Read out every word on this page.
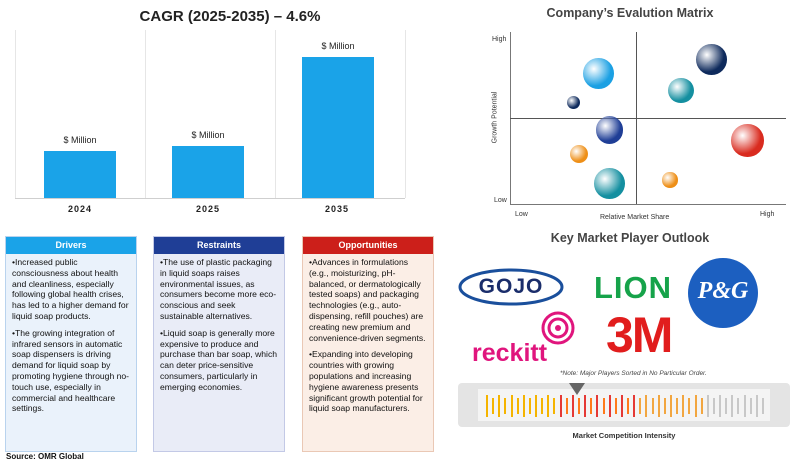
CAGR (2025-2035) – 4.6%
$ Million	$ Million
$ Million
2024	2025	2035
Drivers

•Increased public consciousness about health and cleanliness, especially following global health crises, has led to a higher demand for liquid soap products.

•The growing integration of infrared sensors in automatic soap dispensers is driving demand for liquid soap by promoting hygiene through no-touch use, especially in commercial and healthcare settings.

Restraints

•The use of plastic packaging in liquid soaps raises environmental issues, as consumers become more eco-conscious and seek sustainable alternatives.

•Liquid soap is generally more expensive to produce and purchase than bar soap, which can deter price-sensitive consumers, particularly in emerging economies.

Opportunities

•Advances in formulations (e.g., moisturizing, pH-balanced, or dermatologically tested soaps) and packaging technologies (e.g., auto-dispensing, refill pouches) are creating new premium and convenience-driven segments.

•Expanding into developing countries with growing populations and increasing hygiene awareness presents significant growth potential for liquid soap manufacturers.

Source: OMR Global
Company’s Evalution Matrix
High
Low
Low	High
Relative Market Share
Growth Potential
Key Market Player Outlook
GOJO	LION	P&G
reckitt 3M
*Note: Major Players Sorted in No Particular Order.
Market Competition Intensity
